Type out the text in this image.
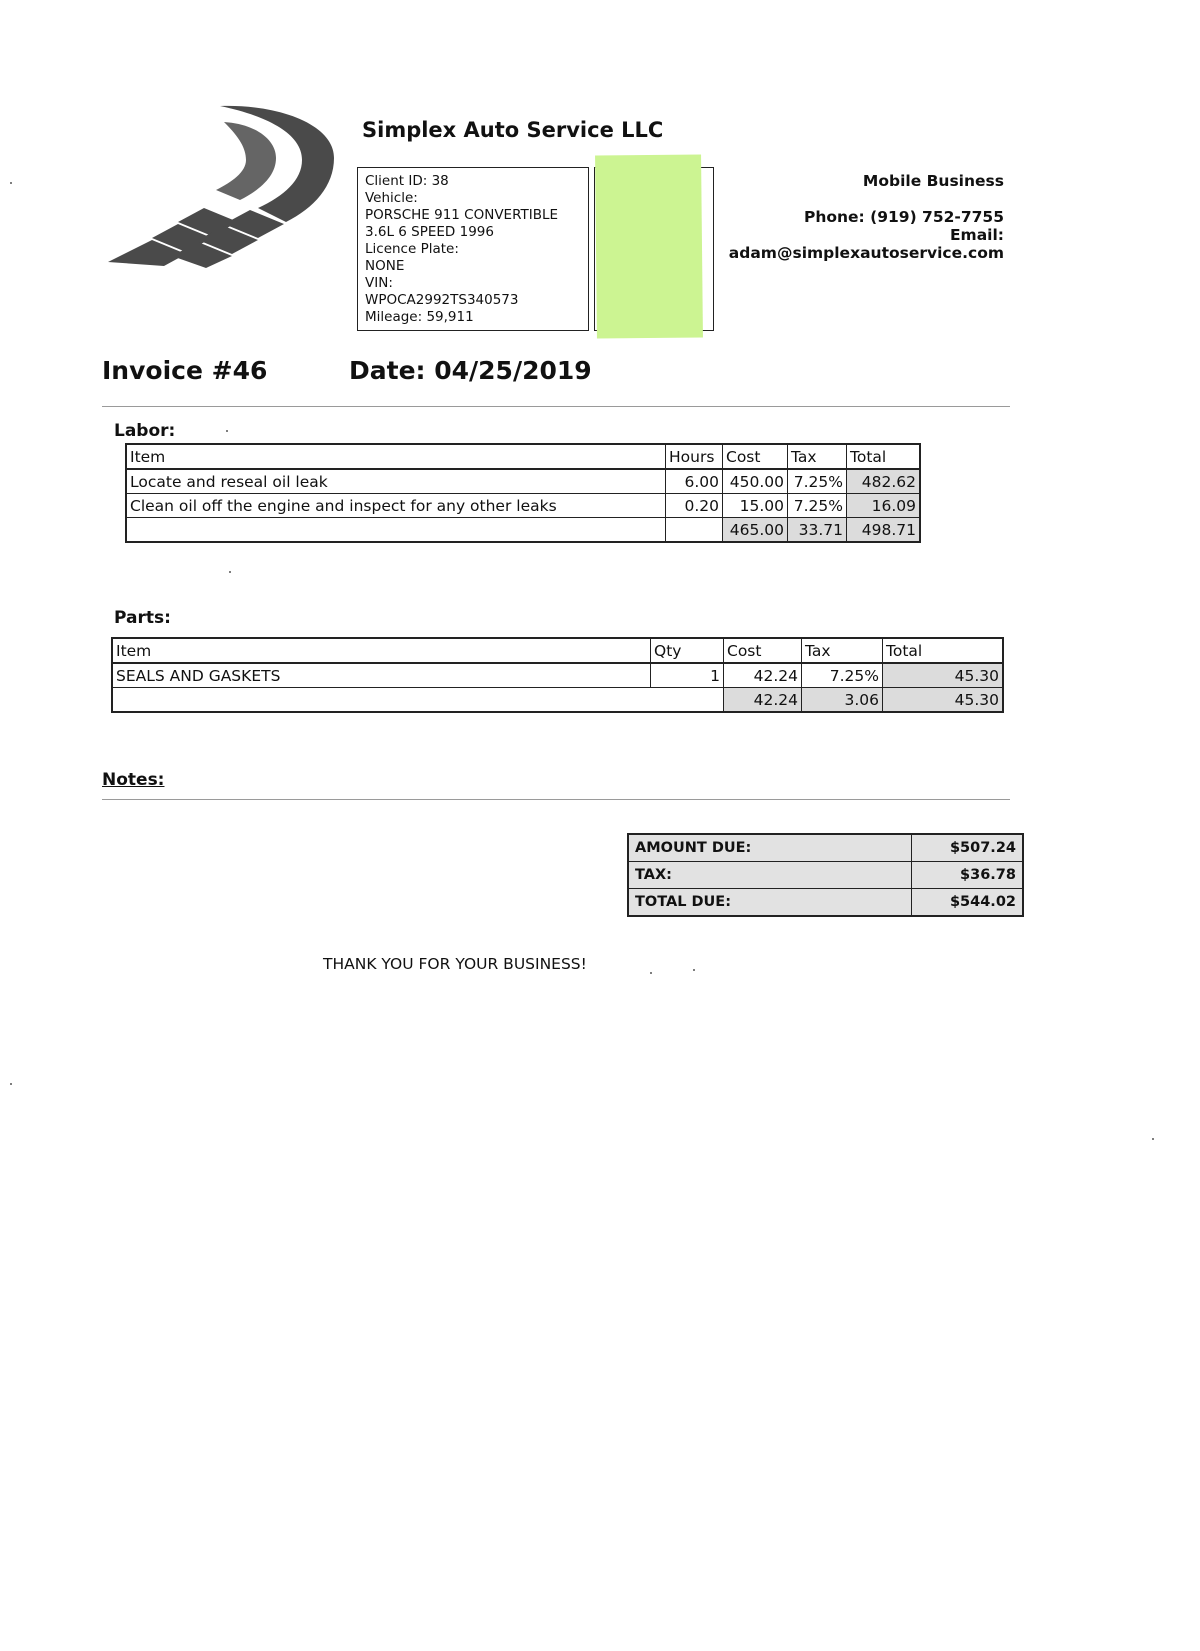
Simplex Auto Service LLC
Client ID: 38
Vehicle:
PORSCHE 911 CONVERTIBLE
3.6L 6 SPEED 1996
Licence Plate:
NONE
VIN:
WPOCA2992TS340573
Mileage: 59,911
Mobile Business
Phone: (919) 752-7755
Email:
adam@simplexautoservice.com
Invoice #46	Date: 04/25/2019
Labor:
Item	Hours	Cost	Tax	Total
Locate and reseal oil leak	6.00	450.00	7.25%	482.62
Clean oil off the engine and inspect for any other leaks	0.20	15.00	7.25%	16.09
		465.00	33.71	498.71
Parts:
Item	Qty	Cost	Tax	Total
SEALS AND GASKETS	1	42.24	7.25%	45.30
		42.24	3.06	45.30
Notes:
AMOUNT DUE:	$507.24
TAX:	$36.78
TOTAL DUE:	$544.02
THANK YOU FOR YOUR BUSINESS!
